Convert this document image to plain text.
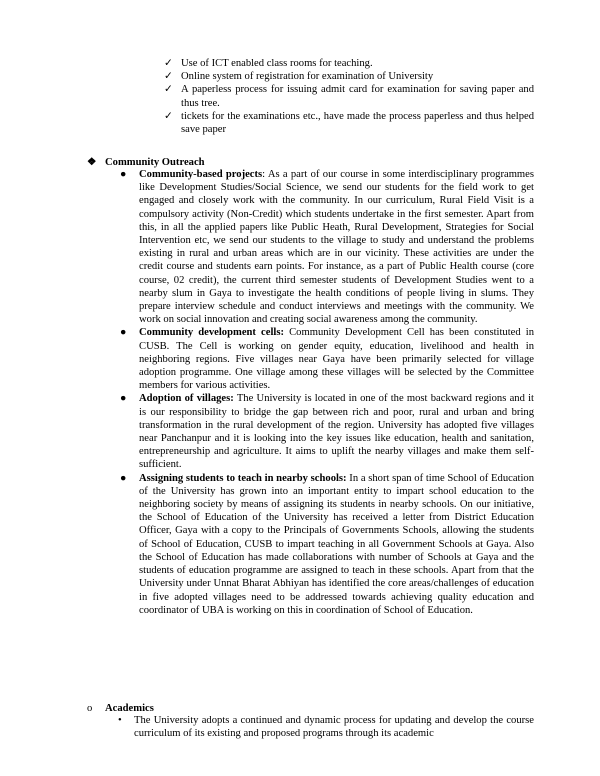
✓ Use of ICT enabled class rooms for teaching.
✓ Online system of registration for examination of University
✓ A paperless process for issuing admit card for examination for saving paper and thus tree.
✓ tickets for the examinations etc., have made the process paperless and thus helped save paper
❖ Community Outreach
● Community-based projects: As a part of our course in some interdisciplinary programmes like Development Studies/Social Science, we send our students for the field work to get engaged and closely work with the community. In our curriculum, Rural Field Visit is a compulsory activity (Non-Credit) which students undertake in the first semester. Apart from this, in all the applied papers like Public Heath, Rural Development, Strategies for Social Intervention etc, we send our students to the village to study and understand the problems existing in rural and urban areas which are in our vicinity. These activities are under the credit course and students earn points. For instance, as a part of Public Health course (core course, 02 credit), the current third semester students of Development Studies went to a nearby slum in Gaya to investigate the health conditions of people living in slums. They prepare interview schedule and conduct interviews and meetings with the community. We work on social innovation and creating social awareness among the community.
● Community development cells: Community Development Cell has been constituted in CUSB. The Cell is working on gender equity, education, livelihood and health in neighboring regions. Five villages near Gaya have been primarily selected for village adoption programme. One village among these villages will be selected by the Committee members for various activities.
● Adoption of villages: The University is located in one of the most backward regions and it is our responsibility to bridge the gap between rich and poor, rural and urban and bring transformation in the rural development of the region. University has adopted five villages near Panchanpur and it is looking into the key issues like education, health and sanitation, entrepreneurship and agriculture. It aims to uplift the nearby villages and make them self-sufficient.
● Assigning students to teach in nearby schools: In a short span of time School of Education of the University has grown into an important entity to impart school education to the neighboring society by means of assigning its students in nearby schools. On our initiative, the School of Education of the University has received a letter from District Education Officer, Gaya with a copy to the Principals of Governments Schools, allowing the students of School of Education, CUSB to impart teaching in all Government Schools at Gaya. Also the School of Education has made collaborations with number of Schools at Gaya and the students of education programme are assigned to teach in these schools. Apart from that the University under Unnat Bharat Abhiyan has identified the core areas/challenges of education in five adopted villages need to be addressed towards achieving quality education and coordinator of UBA is working on this in coordination of School of Education.
o Academics
• The University adopts a continued and dynamic process for updating and develop the course curriculum of its existing and proposed programs through its academic
